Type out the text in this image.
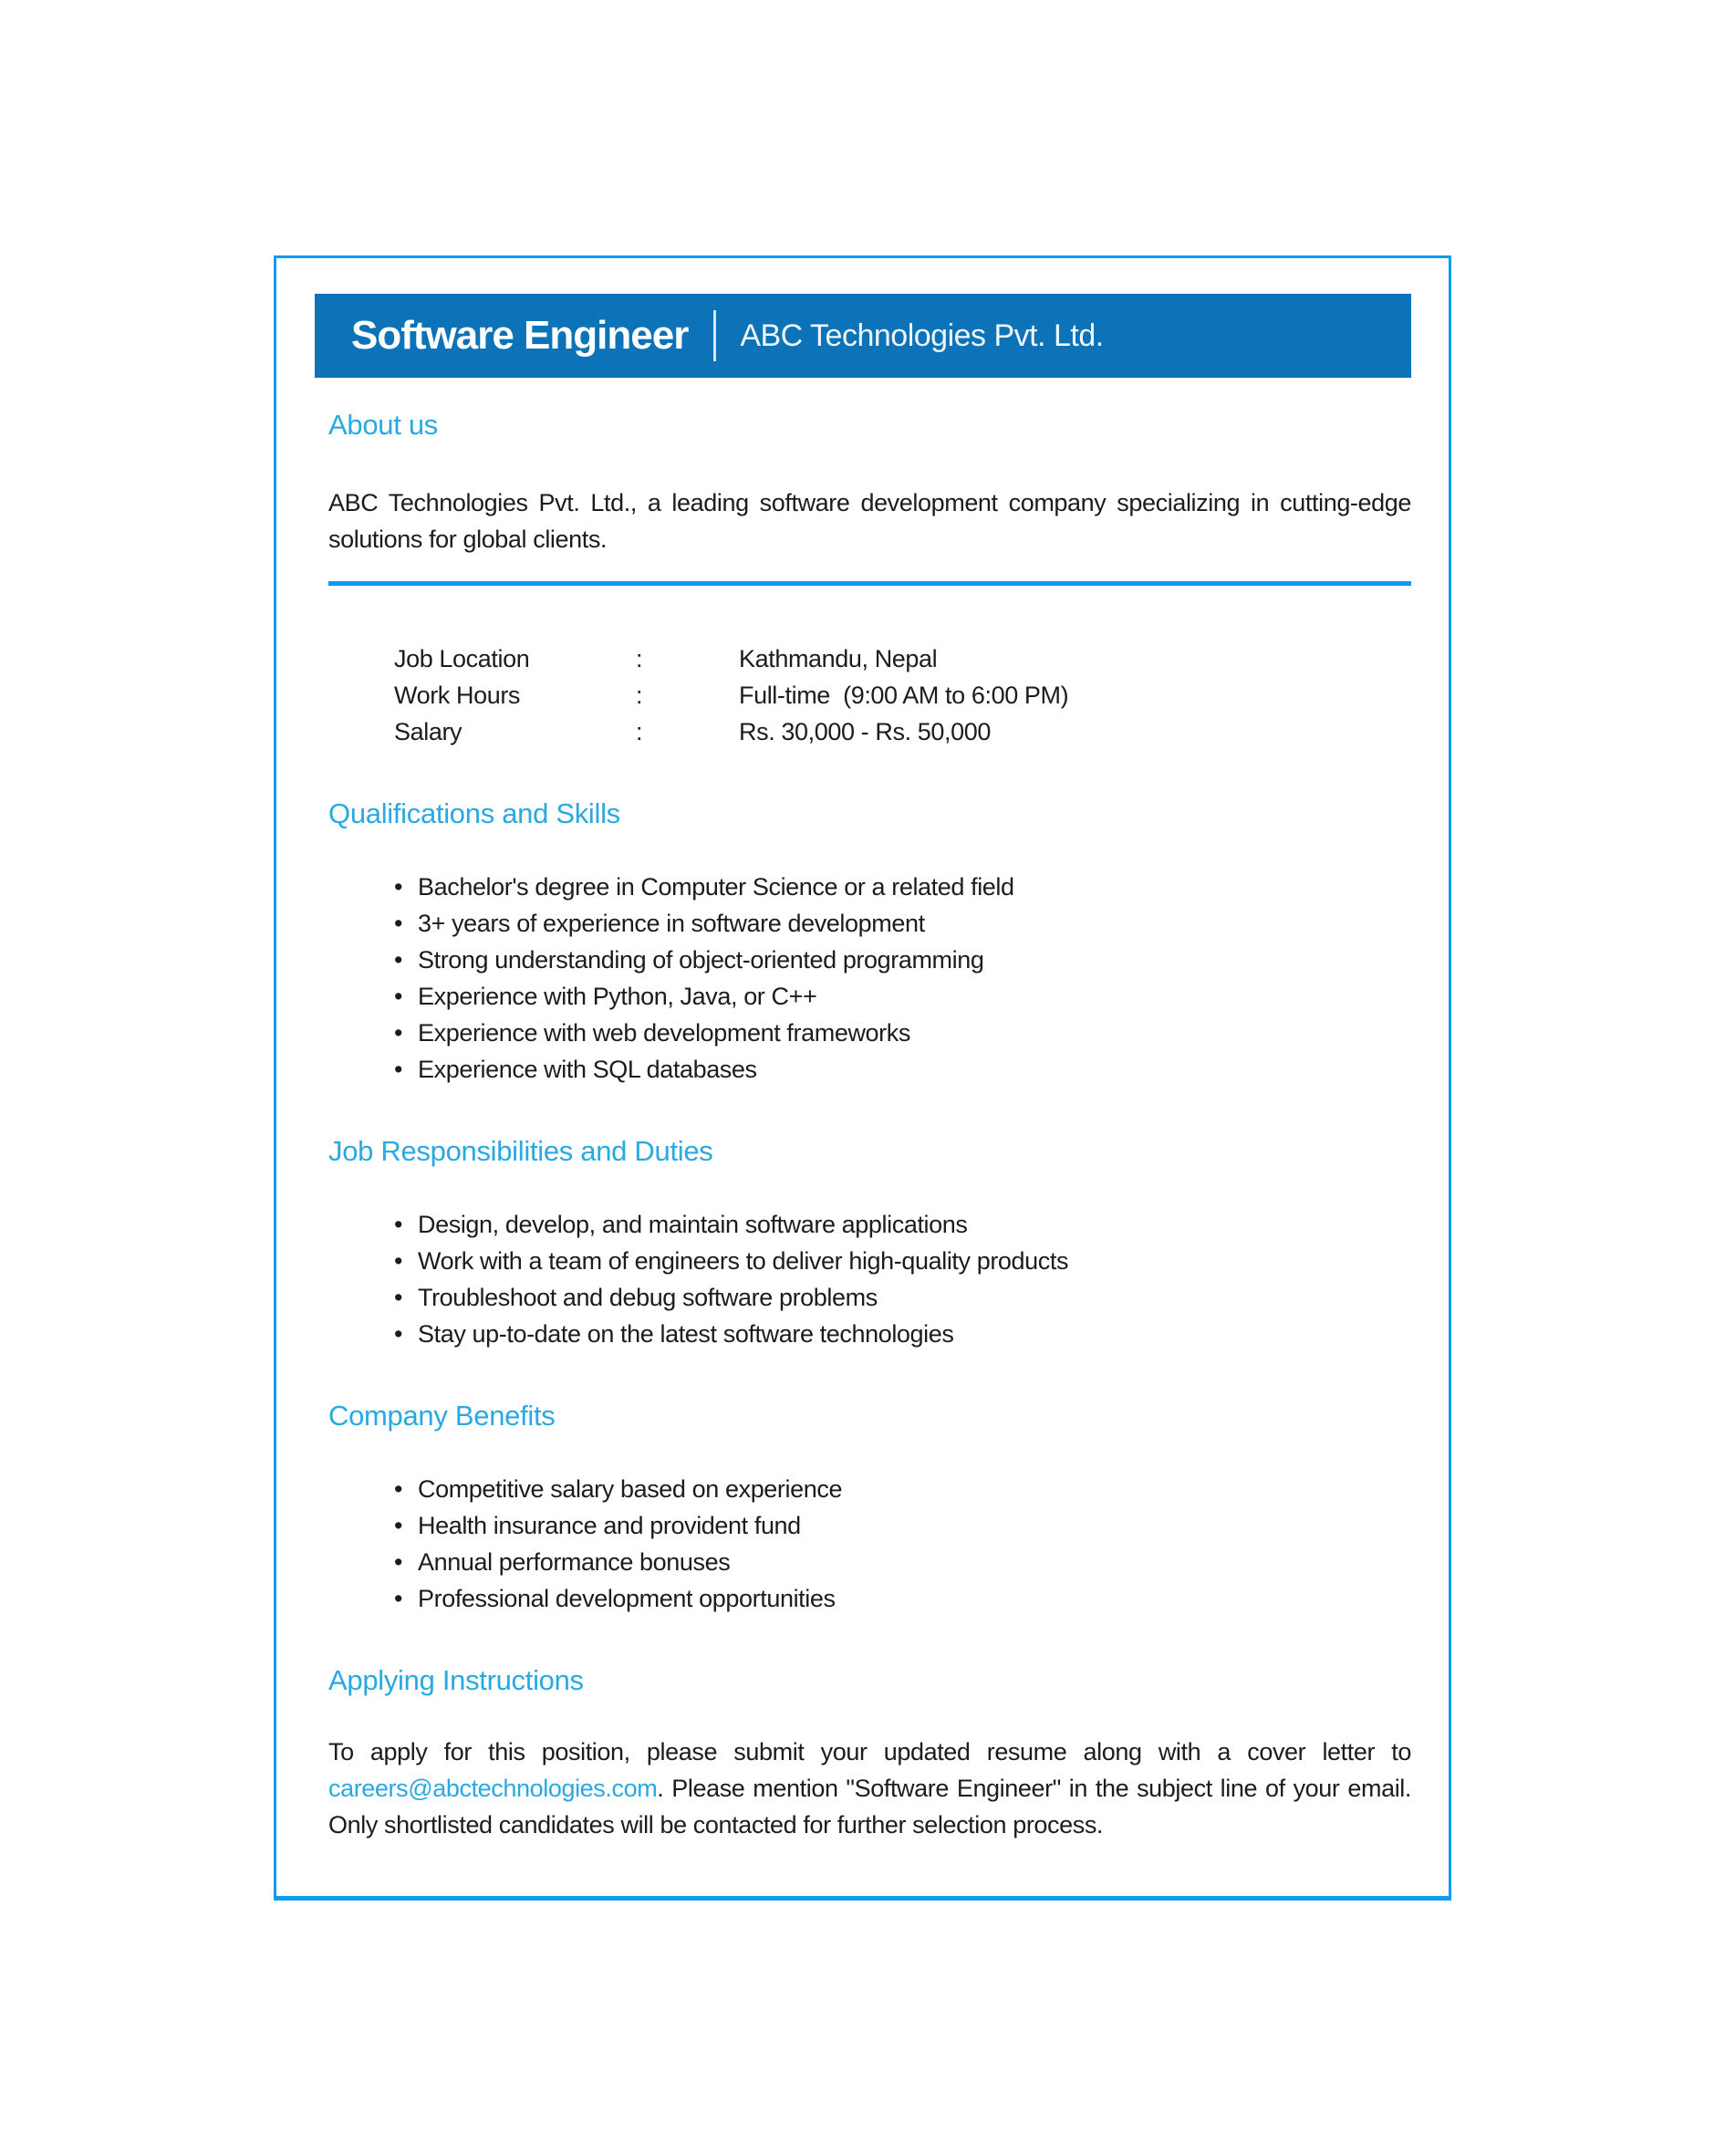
Software Engineer ABC Technologies Pvt. Ltd.
About us

ABC Technologies Pvt. Ltd., a leading software development company specializing in cutting-edge solutions for global clients.

Job Location	:	Kathmandu, Nepal
Work Hours	:	Full-time  (9:00 AM to 6:00 PM)
Salary	:	Rs. 30,000 - Rs. 50,000
Qualifications and Skills
• Bachelor's degree in Computer Science or a related field
• 3+ years of experience in software development
• Strong understanding of object-oriented programming
• Experience with Python, Java, or C++
• Experience with web development frameworks
• Experience with SQL databases
Job Responsibilities and Duties
• Design, develop, and maintain software applications
• Work with a team of engineers to deliver high-quality products
• Troubleshoot and debug software problems
• Stay up-to-date on the latest software technologies
Company Benefits
• Competitive salary based on experience
• Health insurance and provident fund
• Annual performance bonuses
• Professional development opportunities
Applying Instructions

To apply for this position, please submit your updated resume along with a cover letter to careers@abctechnologies.com. Please mention "Software Engineer" in the subject line of your email. Only shortlisted candidates will be contacted for further selection process.
